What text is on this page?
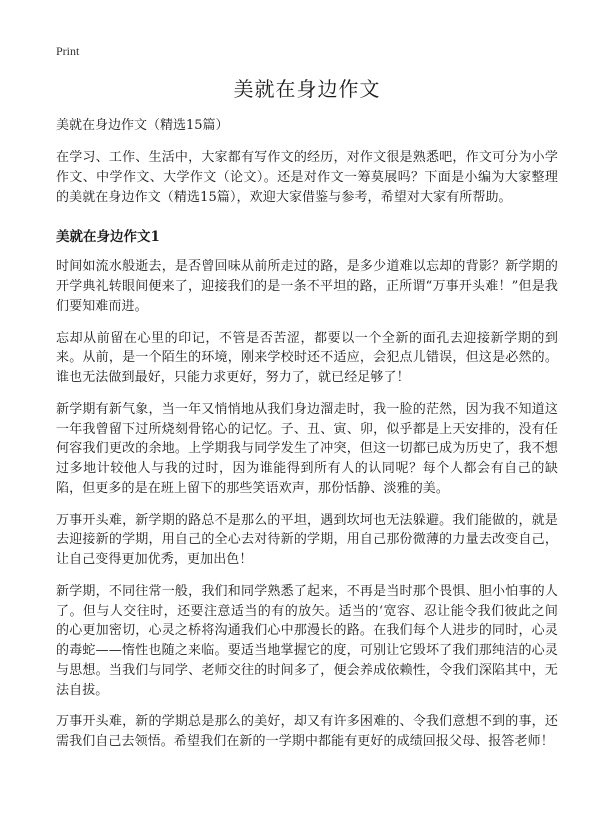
Print
美就在身边作文

美就在身边作文（精选15篇）

在学习、工作、生活中，大家都有写作文的经历，对作文很是熟悉吧，作文可分为小学作文、中学作文、大学作文（论文）。还是对作文一筹莫展吗？下面是小编为大家整理的美就在身边作文（精选15篇），欢迎大家借鉴与参考，希望对大家有所帮助。

美就在身边作文1

时间如流水般逝去，是否曾回味从前所走过的路，是多少道难以忘却的背影？新学期的开学典礼转眼间便来了，迎接我们的是一条不平坦的路，正所谓“万事开头难！”但是我们要知难而进。

忘却从前留在心里的印记，不管是否苦涩，都要以一个全新的面孔去迎接新学期的到来。从前，是一个陌生的环境，刚来学校时还不适应，会犯点儿错误，但这是必然的。谁也无法做到最好，只能力求更好，努力了，就已经足够了！

新学期有新气象，当一年又悄悄地从我们身边溜走时，我一脸的茫然，因为我不知道这一年我曾留下过所烧刻骨铭心的记忆。子、丑、寅、卯，似乎都是上天安排的，没有任何容我们更改的余地。上学期我与同学发生了冲突，但这一切都已成为历史了，我不想过多地计较他人与我的过时，因为谁能得到所有人的认同呢？每个人都会有自己的缺陷，但更多的是在班上留下的那些笑语欢声，那份恬静、淡雅的美。

万事开头难，新学期的路总不是那么的平坦，遇到坎坷也无法躲避。我们能做的，就是去迎接新的学期，用自己的全心去对待新的学期，用自己那份微薄的力量去改变自己，让自己变得更加优秀，更加出色！

新学期，不同往常一般，我们和同学熟悉了起来，不再是当时那个畏惧、胆小怕事的人了。但与人交往时，还要注意适当的有的放矢。适当的‘宽容、忍让能令我们彼此之间的心更加密切，心灵之桥将沟通我们心中那漫长的路。在我们每个人进步的同时，心灵的毒蛇——惰性也随之来临。要适当地掌握它的度，可别让它毁坏了我们那纯洁的心灵与思想。当我们与同学、老师交往的时间多了，便会养成依赖性，令我们深陷其中，无法自拔。

万事开头难，新的学期总是那么的美好，却又有许多困难的、令我们意想不到的事，还需我们自己去领悟。希望我们在新的一学期中都能有更好的成绩回报父母、报答老师！
